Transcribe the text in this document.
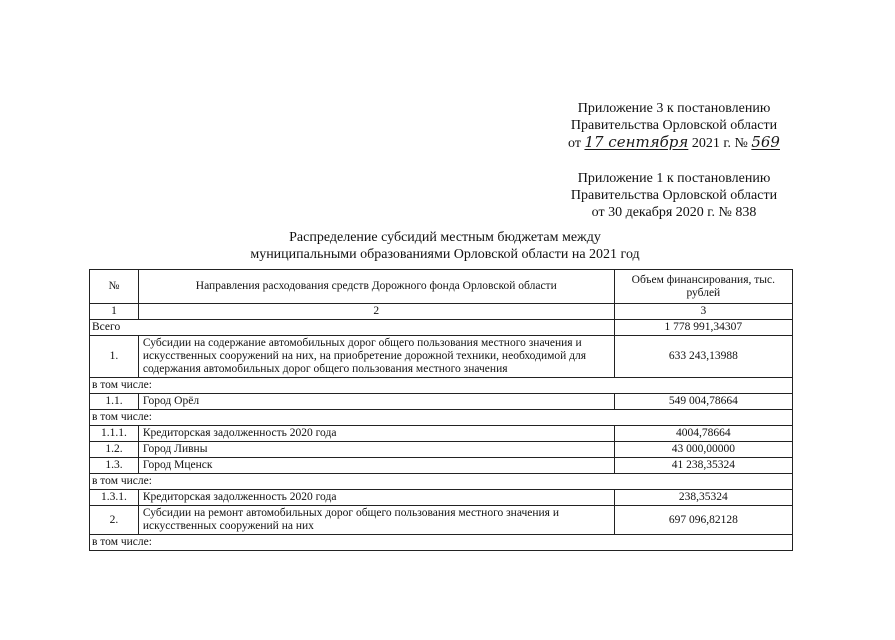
Приложение 3 к постановлению
Правительства Орловской области
от 17 сентября 2021 г. № 569
Приложение 1 к постановлению
Правительства Орловской области
от 30 декабря 2020 г. № 838
Распределение субсидий местным бюджетам между
муниципальными образованиями Орловской области на 2021 год
№	Направления расходования средств Дорожного фонда Орловской области	Объем финансирования, тыс. рублей
1	2	3
Всего		1 778 991,34307
1.	Субсидии на содержание автомобильных дорог общего пользования местного значения и искусственных сооружений на них, на приобретение дорожной техники, необходимой для содержания автомобильных дорог общего пользования местного значения	633 243,13988
в том числе:		
1.1.	Город Орёл	549 004,78664
в том числе:		
1.1.1.	Кредиторская задолженность 2020 года	4004,78664
1.2.	Город Ливны	43 000,00000
1.3.	Город Мценск	41 238,35324
в том числе:		
1.3.1.	Кредиторская задолженность 2020 года	238,35324
2.	Субсидии на ремонт автомобильных дорог общего пользования местного значения и искусственных сооружений на них	697 096,82128
в том числе:		
